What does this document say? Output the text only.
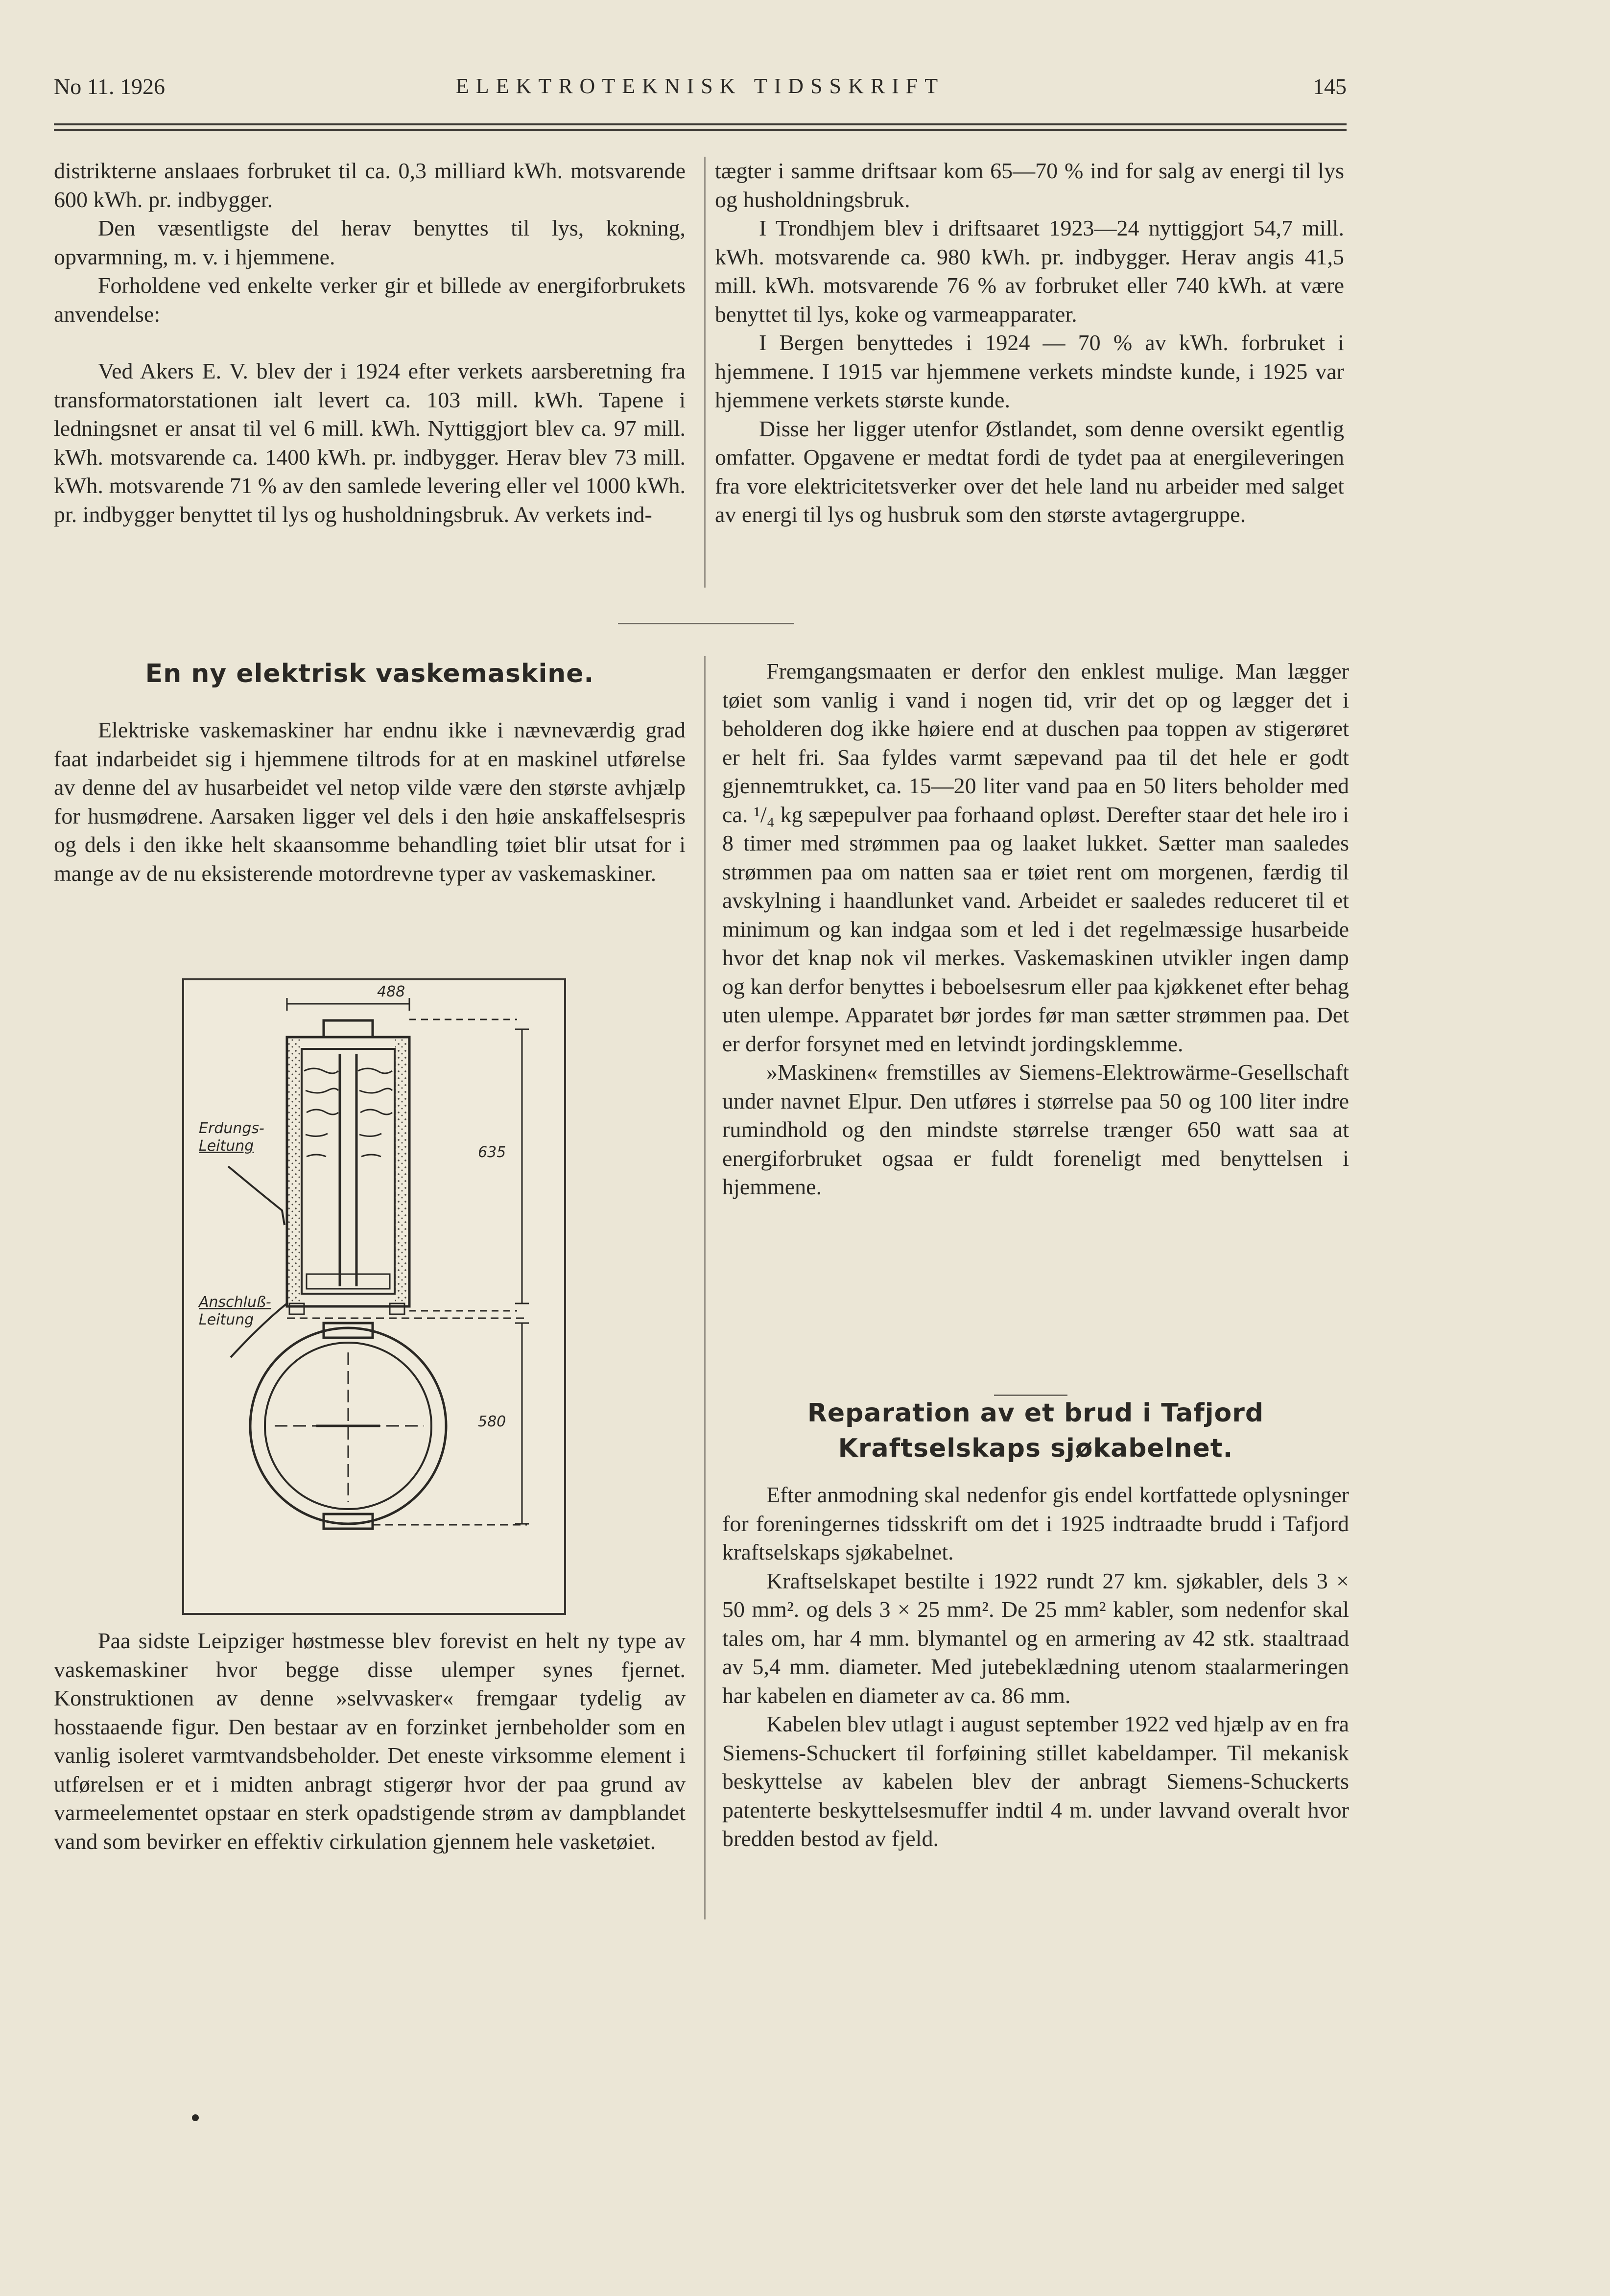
No 11. 1926	ELEKTROTEKNISK TIDSSKRIFT	145

distrikterne anslaaes forbruket til ca. 0,3 milliard kWh. motsvarende 600 kWh. pr. indbygger.

Den væsentligste del herav benyttes til lys, kokning, opvarmning, m. v. i hjemmene.

Forholdene ved enkelte verker gir et billede av energiforbrukets anvendelse:

Ved Akers E. V. blev der i 1924 efter verkets aarsberetning fra transformatorstationen ialt levert ca. 103 mill. kWh. Tapene i ledningsnet er ansat til vel 6 mill. kWh. Nyttiggjort blev ca. 97 mill. kWh. motsvarende ca. 1400 kWh. pr. indbygger. Herav blev 73 mill. kWh. motsvarende 71 % av den samlede levering eller vel 1000 kWh. pr. indbygger benyttet til lys og husholdningsbruk. Av verkets ind-

tægter i samme driftsaar kom 65—70 % ind for salg av energi til lys og husholdningsbruk.

I Trondhjem blev i driftsaaret 1923—24 nyttiggjort 54,7 mill. kWh. motsvarende ca. 980 kWh. pr. indbygger. Herav angis 41,5 mill. kWh. motsvarende 76 % av forbruket eller 740 kWh. at være benyttet til lys, koke og varmeapparater.

I Bergen benyttedes i 1924 — 70 % av kWh. forbruket i hjemmene. I 1915 var hjemmene verkets mindste kunde, i 1925 var hjemmene verkets største kunde.

Disse her ligger utenfor Østlandet, som denne oversikt egentlig omfatter. Opgavene er medtat fordi de tydet paa at energileveringen fra vore elektricitetsverker over det hele land nu arbeider med salget av energi til lys og husbruk som den største avtagergruppe.

En ny elektrisk vaskemaskine.

Elektriske vaskemaskiner har endnu ikke i nævneværdig grad faat indarbeidet sig i hjemmene tiltrods for at en maskinel utførelse av denne del av husarbeidet vel netop vilde være den største avhjælp for husmødrene. Aarsaken ligger vel dels i den høie anskaffelsespris og dels i den ikke helt skaansomme behandling tøiet blir utsat for i mange av de nu eksisterende motordrevne typer av vaskemaskiner.

488
635
580
Erdungs-
Leitung
Anschluß-
Leitung

Paa sidste Leipziger høstmesse blev forevist en helt ny type av vaskemaskiner hvor begge disse ulemper synes fjernet. Konstruktionen av denne »selvvasker« fremgaar tydelig av hosstaaende figur. Den bestaar av en forzinket jernbeholder som en vanlig isoleret varmtvandsbeholder. Det eneste virksomme element i utførelsen er et i midten anbragt stigerør hvor der paa grund av varmeelementet opstaar en sterk opadstigende strøm av dampblandet vand som bevirker en effektiv cirkulation gjennem hele vasketøiet.

Fremgangsmaaten er derfor den enklest mulige. Man lægger tøiet som vanlig i vand i nogen tid, vrir det op og lægger det i beholderen dog ikke høiere end at duschen paa toppen av stigerøret er helt fri. Saa fyldes varmt sæpevand paa til det hele er godt gjennemtrukket, ca. 15—20 liter vand paa en 50 liters beholder med ca. ¹/₄ kg sæpepulver paa forhaand opløst. Derefter staar det hele iro i 8 timer med strømmen paa og laaket lukket. Sætter man saaledes strømmen paa om natten saa er tøiet rent om morgenen, færdig til avskylning i haandlunket vand. Arbeidet er saaledes reduceret til et minimum og kan indgaa som et led i det regelmæssige husarbeide hvor det knap nok vil merkes. Vaskemaskinen utvikler ingen damp og kan derfor benyttes i beboelsesrum eller paa kjøkkenet efter behag uten ulempe. Apparatet bør jordes før man sætter strømmen paa. Det er derfor forsynet med en letvindt jordingsklemme.

»Maskinen« fremstilles av Siemens-Elektrowärme-Gesellschaft under navnet Elpur. Den utføres i størrelse paa 50 og 100 liter indre rumindhold og den mindste størrelse trænger 650 watt saa at energiforbruket ogsaa er fuldt foreneligt med benyttelsen i hjemmene.

Reparation av et brud i Tafjord
Kraftselskaps sjøkabelnet.

Efter anmodning skal nedenfor gis endel kortfattede oplysninger for foreningernes tidsskrift om det i 1925 indtraadte brudd i Tafjord kraftselskaps sjøkabelnet.

Kraftselskapet bestilte i 1922 rundt 27 km. sjøkabler, dels 3 × 50 mm². og dels 3 × 25 mm². De 25 mm² kabler, som nedenfor skal tales om, har 4 mm. blymantel og en armering av 42 stk. staaltraad av 5,4 mm. diameter. Med jutebeklædning utenom staalarmeringen har kabelen en diameter av ca. 86 mm.

Kabelen blev utlagt i august september 1922 ved hjælp av en fra Siemens-Schuckert til forføining stillet kabeldamper. Til mekanisk beskyttelse av kabelen blev der anbragt Siemens-Schuckerts patenterte beskyttelsesmuffer indtil 4 m. under lavvand overalt hvor bredden bestod av fjeld.
